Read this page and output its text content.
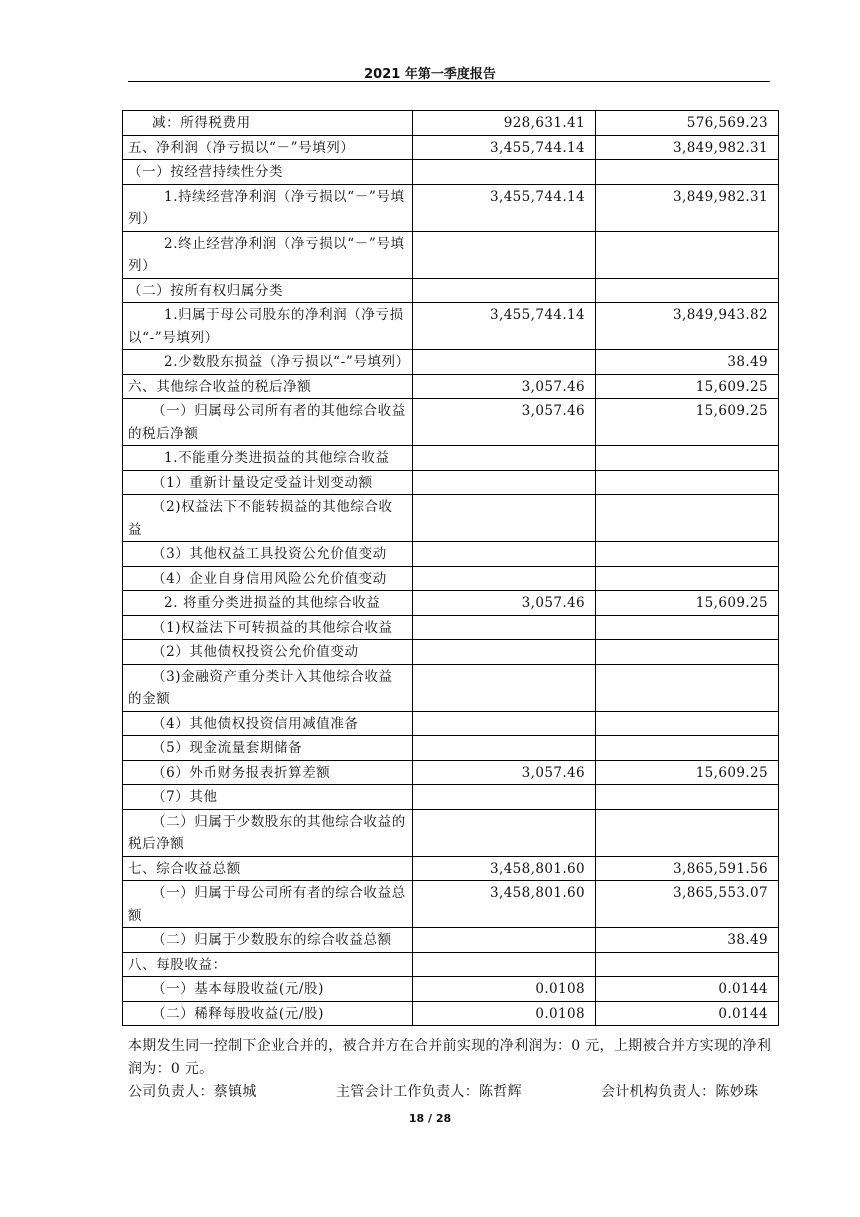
2021 年第一季度报告
减：所得税费用	928,631.41	576,569.23
五、净利润（净亏损以“－”号填列）	3,455,744.14	3,849,982.31
（一）按经营持续性分类		
1.持续经营净利润（净亏损以“－”号填列）	3,455,744.14	3,849,982.31
2.终止经营净利润（净亏损以“－”号填列）		
（二）按所有权归属分类		
1.归属于母公司股东的净利润（净亏损以“-”号填列）	3,455,744.14	3,849,943.82
2.少数股东损益（净亏损以“-”号填列）		38.49
六、其他综合收益的税后净额	3,057.46	15,609.25
（一）归属母公司所有者的其他综合收益的税后净额	3,057.46	15,609.25
1.不能重分类进损益的其他综合收益		
（1）重新计量设定受益计划变动额		
（2)权益法下不能转损益的其他综合收益		
（3）其他权益工具投资公允价值变动		
（4）企业自身信用风险公允价值变动		
2. 将重分类进损益的其他综合收益	3,057.46	15,609.25
（1)权益法下可转损益的其他综合收益		
（2）其他债权投资公允价值变动		
（3)金融资产重分类计入其他综合收益的金额		
（4）其他债权投资信用减值准备		
（5）现金流量套期储备		
（6）外币财务报表折算差额	3,057.46	15,609.25
（7）其他		
（二）归属于少数股东的其他综合收益的税后净额		
七、综合收益总额	3,458,801.60	3,865,591.56
（一）归属于母公司所有者的综合收益总额	3,458,801.60	3,865,553.07
（二）归属于少数股东的综合收益总额		38.49
八、每股收益：		
（一）基本每股收益(元/股)	0.0108	0.0144
（二）稀释每股收益(元/股)	0.0108	0.0144
本期发生同一控制下企业合并的，被合并方在合并前实现的净利润为：0 元，上期被合并方实现的净利润为：0 元。
公司负责人：蔡镇城	主管会计工作负责人：陈哲辉	会计机构负责人：陈妙珠
18 / 28
